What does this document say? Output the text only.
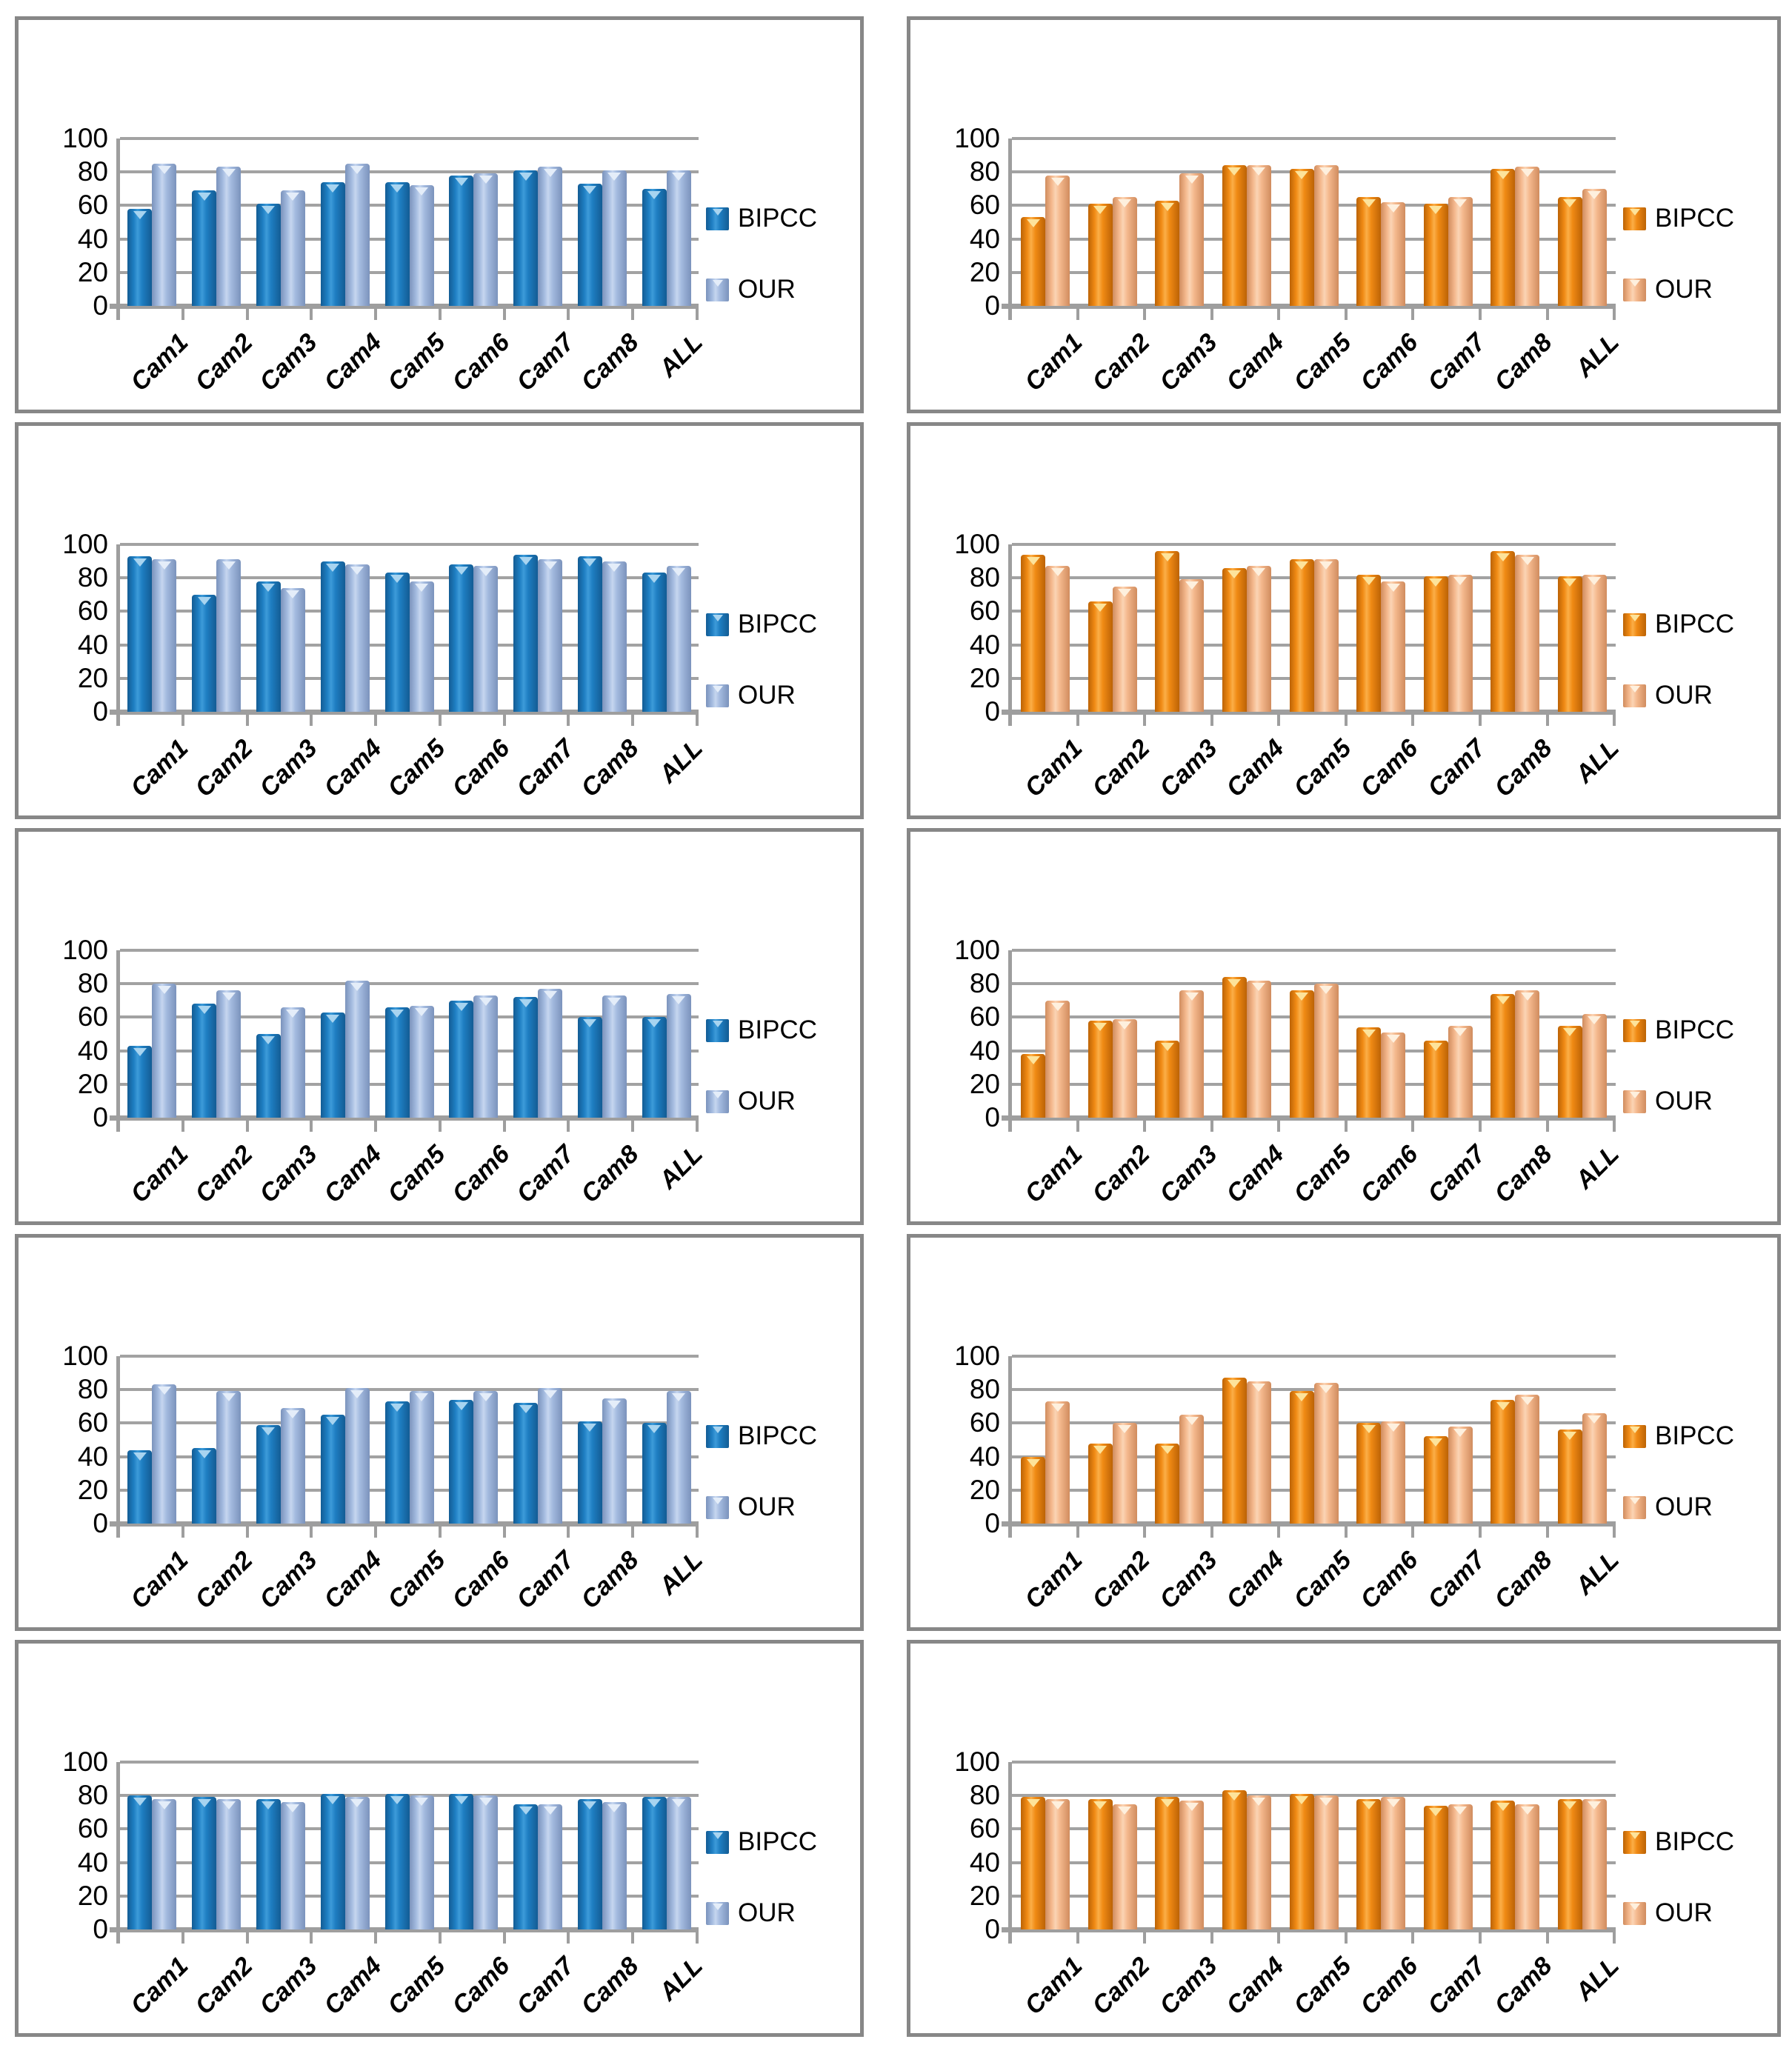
100
80
60
40
20
0
Cam1
Cam2
Cam3
Cam4
Cam5
Cam6
Cam7
Cam8 ALL
BIPCC
OUR
100
80
60
40
20
0
Cam1
Cam2
Cam3
Cam4
Cam5
Cam6
Cam7
Cam8 ALL
BIPCC
OUR
100
80
60
40
20
0
Cam1
Cam2
Cam3
Cam4
Cam5
Cam6
Cam7
Cam8 ALL
BIPCC
OUR
100
80
60
40
20
0
Cam1
Cam2
Cam3
Cam4
Cam5
Cam6
Cam7
Cam8 ALL
BIPCC
OUR
100
80
60
40
20
0
Cam1
Cam2
Cam3
Cam4
Cam5
Cam6
Cam7
Cam8 ALL
BIPCC
OUR
100
80
60
40
20
0
Cam1
Cam2
Cam3
Cam4
Cam5
Cam6
Cam7
Cam8 ALL
BIPCC
OUR
100
80
60
40
20
0
Cam1
Cam2
Cam3
Cam4
Cam5
Cam6
Cam7
Cam8 ALL
BIPCC
OUR
100
80
60
40
20
0
Cam1
Cam2
Cam3
Cam4
Cam5
Cam6
Cam7
Cam8 ALL
BIPCC
OUR
100
80
60
40
20
0
Cam1
Cam2
Cam3
Cam4
Cam5
Cam6
Cam7
Cam8 ALL
BIPCC
OUR
100
80
60
40
20
0
Cam1
Cam2
Cam3
Cam4
Cam5
Cam6
Cam7
Cam8 ALL
BIPCC
OUR
